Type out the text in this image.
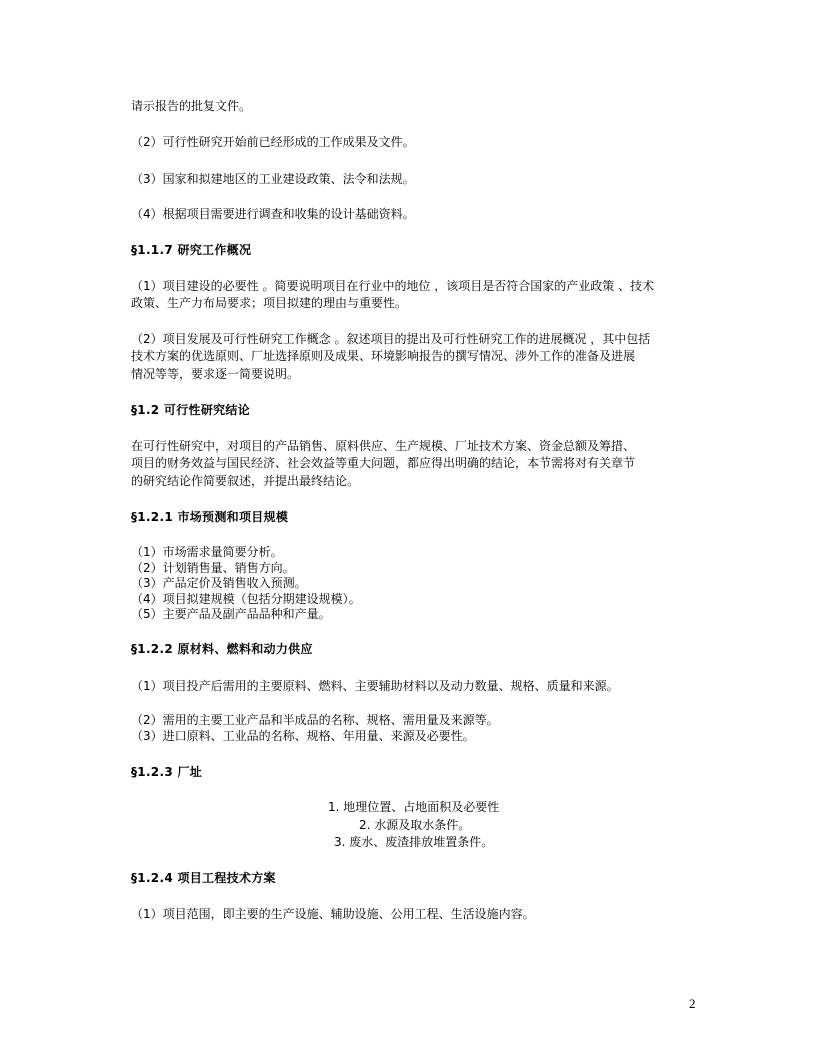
请示报告的批复文件。
（2）可行性研究开始前已经形成的工作成果及文件。
（3）国家和拟建地区的工业建设政策、法令和法规。
（4）根据项目需要进行调查和收集的设计基础资料。
§1.1.7 研究工作概况
（1）项目建设的必要性 。简要说明项目在行业中的地位 ，该项目是否符合国家的产业政策 、技术
政策、生产力布局要求；项目拟建的理由与重要性。
（2）项目发展及可行性研究工作概念 。叙述项目的提出及可行性研究工作的进展概况 ，其中包括
技术方案的优选原则、厂址选择原则及成果、环境影响报告的撰写情况、涉外工作的准备及进展
情况等等，要求逐一简要说明。
§1.2 可行性研究结论
在可行性研究中，对项目的产品销售、原料供应、生产规模、厂址技术方案、资金总额及筹措、
项目的财务效益与国民经济、社会效益等重大问题，都应得出明确的结论，本节需将对有关章节
的研究结论作简要叙述，并提出最终结论。
§1.2.1 市场预测和项目规模
（1）市场需求量简要分析。
（2）计划销售量、销售方向。
（3）产品定价及销售收入预测。
（4）项目拟建规模（包括分期建设规模）。
（5）主要产品及副产品品种和产量。
§1.2.2 原材料、燃料和动力供应
（1）项目投产后需用的主要原料、燃料、主要辅助材料以及动力数量、规格、质量和来源。
（2）需用的主要工业产品和半成品的名称、规格、需用量及来源等。
（3）进口原料、工业品的名称、规格、年用量、来源及必要性。
§1.2.3 厂址
1. 地理位置、占地面积及必要性
2. 水源及取水条件。
3. 废水、废渣排放堆置条件。
§1.2.4 项目工程技术方案
（1）项目范围，即主要的生产设施、辅助设施、公用工程、生活设施内容。
2
